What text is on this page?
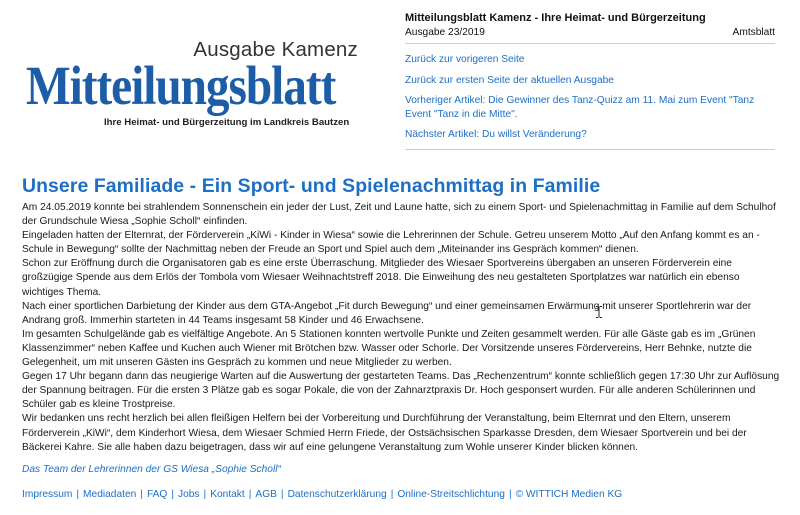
Ausgabe Kamenz
Mitteilungsblatt
Ihre Heimat- und Bürgerzeitung im Landkreis Bautzen
Mitteilungsblatt Kamenz - Ihre Heimat- und Bürgerzeitung
Ausgabe 23/2019	Amtsblatt
Zurück zur vorigeren Seite
Zurück zur ersten Seite der aktuellen Ausgabe
Vorheriger Artikel: Die Gewinner des Tanz-Quizz am 11. Mai zum Event "Tanz Event "Tanz in die Mitte".
Nächster Artikel: Du willst Veränderung?
Unsere Familiade - Ein Sport- und Spielenachmittag in Familie

Am 24.05.2019 konnte bei strahlendem Sonnenschein ein jeder der Lust, Zeit und Laune hatte, sich zu einem Sport- und Spielenachmittag in Familie auf dem Schulhof der Grundschule Wiesa „Sophie Scholl“ einfinden.

Eingeladen hatten der Elternrat, der Förderverein „KiWi - Kinder in Wiesa“ sowie die Lehrerinnen der Schule. Getreu unserem Motto „Auf den Anfang kommt es an - Schule in Bewegung“ sollte der Nachmittag neben der Freude an Sport und Spiel auch dem „Miteinander ins Gespräch kommen“ dienen.

Schon zur Eröffnung durch die Organisatoren gab es eine erste Überraschung. Mitglieder des Wiesaer Sportvereins übergaben an unseren Förderverein eine großzügige Spende aus dem Erlös der Tombola vom Wiesaer Weihnachtstreff 2018. Die Einweihung des neu gestalteten Sportplatzes war natürlich ein ebenso wichtiges Thema.

Nach einer sportlichen Darbietung der Kinder aus dem GTA-Angebot „Fit durch Bewegung“ und einer gemeinsamen Erwärmung mit unserer Sportlehrerin war der Andrang groß. Immerhin starteten in 44 Teams insgesamt 58 Kinder und 46 Erwachsene.

Im gesamten Schulgelände gab es vielfältige Angebote. An 5 Stationen konnten wertvolle Punkte und Zeiten gesammelt werden. Für alle Gäste gab es im „Grünen Klassenzimmer“ neben Kaffee und Kuchen auch Wiener mit Brötchen bzw. Wasser oder Schorle. Der Vorsitzende unseres Fördervereins, Herr Behnke, nutzte die Gelegenheit, um mit unseren Gästen ins Gespräch zu kommen und neue Mitglieder zu werben.

Gegen 17 Uhr begann dann das neugierige Warten auf die Auswertung der gestarteten Teams. Das „Rechenzentrum“ konnte schließlich gegen 17:30 Uhr zur Auflösung der Spannung beitragen. Für die ersten 3 Plätze gab es sogar Pokale, die von der Zahnarztpraxis Dr. Hoch gesponsert wurden. Für alle anderen Schülerinnen und Schüler gab es kleine Trostpreise.

Wir bedanken uns recht herzlich bei allen fleißigen Helfern bei der Vorbereitung und Durchführung der Veranstaltung, beim Elternrat und den Eltern, unserem Förderverein „KiWi“, dem Kinderhort Wiesa, dem Wiesaer Schmied Herrn Friede, der Ostsächsischen Sparkasse Dresden, dem Wiesaer Sportverein und bei der Bäckerei Kahre. Sie alle haben dazu beigetragen, dass wir auf eine gelungene Veranstaltung zum Wohle unserer Kinder blicken können.

Das Team der Lehrerinnen der GS Wiesa „Sophie Scholl“
Impressum | Mediadaten | FAQ | Jobs | Kontakt | AGB | Datenschutzerklärung | Online-Streitschlichtung | © WITTICH Medien KG
